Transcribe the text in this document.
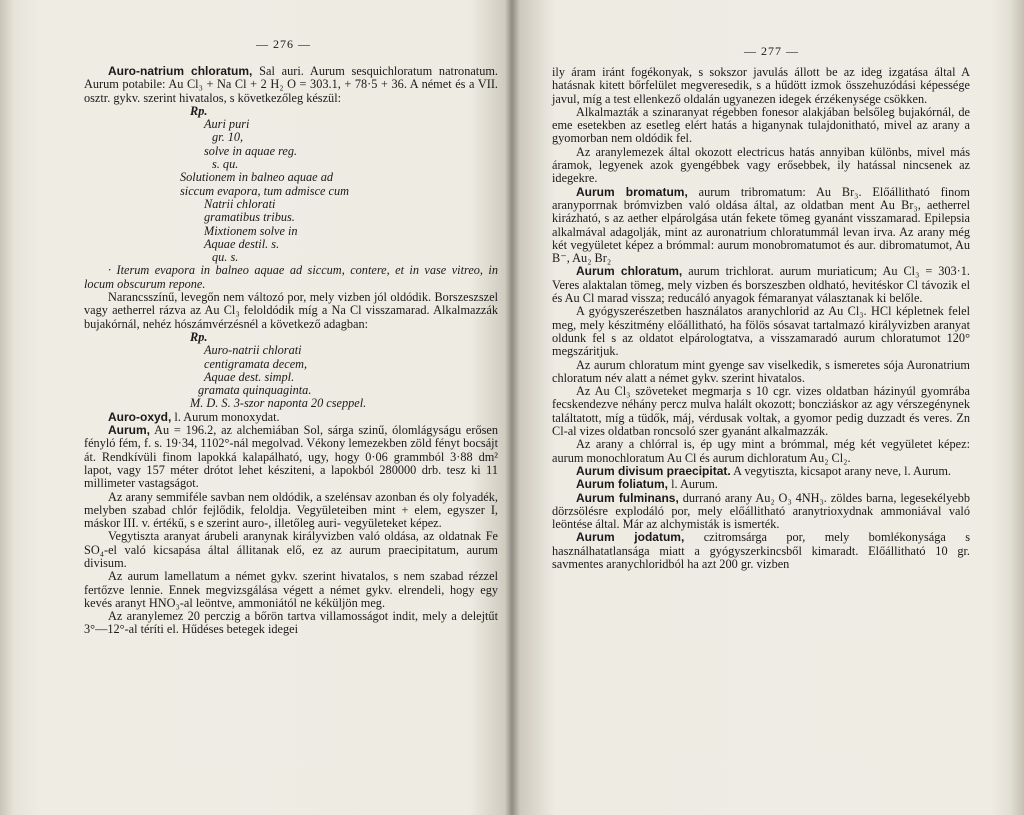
— 276 —

Auro-natrium chloratum, Sal auri. Aurum sesquichloratum natronatum. Aurum potabile: Au Cl₃ + Na Cl + 2 H₂ O = 303.1, + 78·5 + 36. A német és a VII. osztr. gykv. szerint hivatalos, s következőleg készül:

Rp.
Auri puri
gr. 10,
solve in aquae reg.
s. qu.
Solutionem in balneo aquae ad
siccum evapora, tum admisce cum
Natrii chlorati
gramatibus tribus.
Mixtionem solve in
Aquae destil. s.
qu. s.

· Iterum evapora in balneo aquae ad siccum, contere, et in vase vitreo, in locum obscurum repone.

Narancsszínű, levegőn nem változó por, mely vizben jól oldódik. Borszeszszel vagy aetherrel rázva az Au Cl₃ feloldódik míg a Na Cl visszamarad. Alkalmazzák bujakórnál, nehéz hószámvérzésnél a következő adagban:

Rp.
Auro-natrii chlorati
centigramata decem,
Aquae dest. simpl.
gramata quinquaginta.
M. D. S. 3-szor naponta 20 cseppel.

Auro-oxyd, l. Aurum monoxydat.

Aurum, Au = 196.2, az alchemiában Sol, sárga szinű, ólomlágyságu erősen fényló fém, f. s. 19·34, 1102°-nál megolvad. Vékony lemezekben zöld fényt bocsájt át. Rendkívüli finom lapokká kalapálható, ugy, hogy 0·06 grammból 3·88 dm² lapot, vagy 157 méter drótot lehet késziteni, a lapokból 280000 drb. tesz ki 11 millimeter vastagságot.

Az arany semmiféle savban nem oldódik, a szelénsav azonban és oly folyadék, melyben szabad chlór fejlődik, feloldja. Vegyületeiben mint + elem, egyszer I, máskor III. v. értékű, s e szerint auro-, illetőleg auri- vegyületeket képez.

Vegytiszta aranyat árubeli aranynak királyvizben való oldása, az oldatnak Fe SO₄-el való kicsapása által állitanak elő, ez az aurum praecipitatum, aurum divisum.

Az aurum lamellatum a német gykv. szerint hivatalos, s nem szabad rézzel fertőzve lennie. Ennek megvizsgálása végett a német gykv. elrendeli, hogy egy kevés aranyt HNO₃-al leöntve, ammoniától ne kéküljön meg.

Az aranylemez 20 perczig a bőrön tartva villamosságot indit, mely a delejtűt 3°—12°-al téríti el. Hűdéses betegek idegei

— 277 —

ily áram iránt fogékonyak, s sokszor javulás állott be az ideg izgatása által A hatásnak kitett bőrfelület megveresedik, s a hűdött izmok összehuzódási képessége javul, míg a test ellenkező oldalán ugyanezen idegek érzékenysége csökken.

Alkalmazták a szinaranyat régebben fonesor alakjában belsőleg bujakórnál, de eme esetekben az esetleg elért hatás a higanynak tulajdonitható, mivel az arany a gyomorban nem oldódik fel.

Az aranylemezek által okozott electricus hatás annyiban különbs, mivel más áramok, legyenek azok gyengébbek vagy erősebbek, ily hatással nincsenek az idegekre.

Aurum bromatum, aurum tribromatum: Au Br₃. Előállitható finom aranyporrnak brómvizben való oldása által, az oldatban ment Au Br₃, aetherrel kirázható, s az aether elpárolgása után fekete tömeg gyanánt visszamarad. Epilepsia alkalmával adagolják, mint az auronatrium chloratummál levan irva. Az arany még két vegyületet képez a brómmal: aurum monobromatumot és aur. dibromatumot, Au B⁻, Au₂ Br₂

Aurum chloratum, aurum trichlorat. aurum muriaticum; Au Cl₃ = 303·1. Veres alaktalan tömeg, mely vizben és borszeszben oldható, hevitéskor Cl távozik el és Au Cl marad vissza; reducáló anyagok fémaranyat választanak ki belőle.

A gyógyszerészetben használatos aranychlorid az Au Cl₃. HCl képletnek felel meg, mely készitmény előállitható, ha fölös sósavat tartalmazó királyvizben aranyat oldunk fel s az oldatot elpárologtatva, a visszamaradó aurum chloratumot 120° megszáritjuk.

Az aurum chloratum mint gyenge sav viselkedik, s ismeretes sója Auronatrium chloratum név alatt a német gykv. szerint hivatalos.

Az Au Cl₃ szöveteket megmarja s 10 cgr. vizes oldatban házinyúl gyomrába fecskendezve néhány percz mulva halált okozott; boncziáskor az agy vérszegénynek találtatott, míg a tüdők, máj, vérdusak voltak, a gyomor pedig duzzadt és veres. Zn Cl-al vizes oldatban roncsoló szer gyanánt alkalmazzák.

Az arany a chlórral is, ép ugy mint a brómmal, még két vegyületet képez: aurum monochloratum Au Cl és aurum dichloratum Au₂ Cl₂.

Aurum divisum praecipitat. A vegytiszta, kicsapot arany neve, l. Aurum.

Aurum foliatum, l. Aurum.

Aurum fulminans, durranó arany Au₂ O₃ 4NH₃. zöldes barna, legesekélyebb dörzsölésre explodáló por, mely előállitható aranytrioxydnak ammoniával való leöntése által. Már az alchymisták is ismerték.

Aurum jodatum, czitromsárga por, mely bomlékonysága s használhatatlansága miatt a gyógyszerkincsből kimaradt. Előállitható 10 gr. savmentes aranychloridból ha azt 200 gr. vizben
